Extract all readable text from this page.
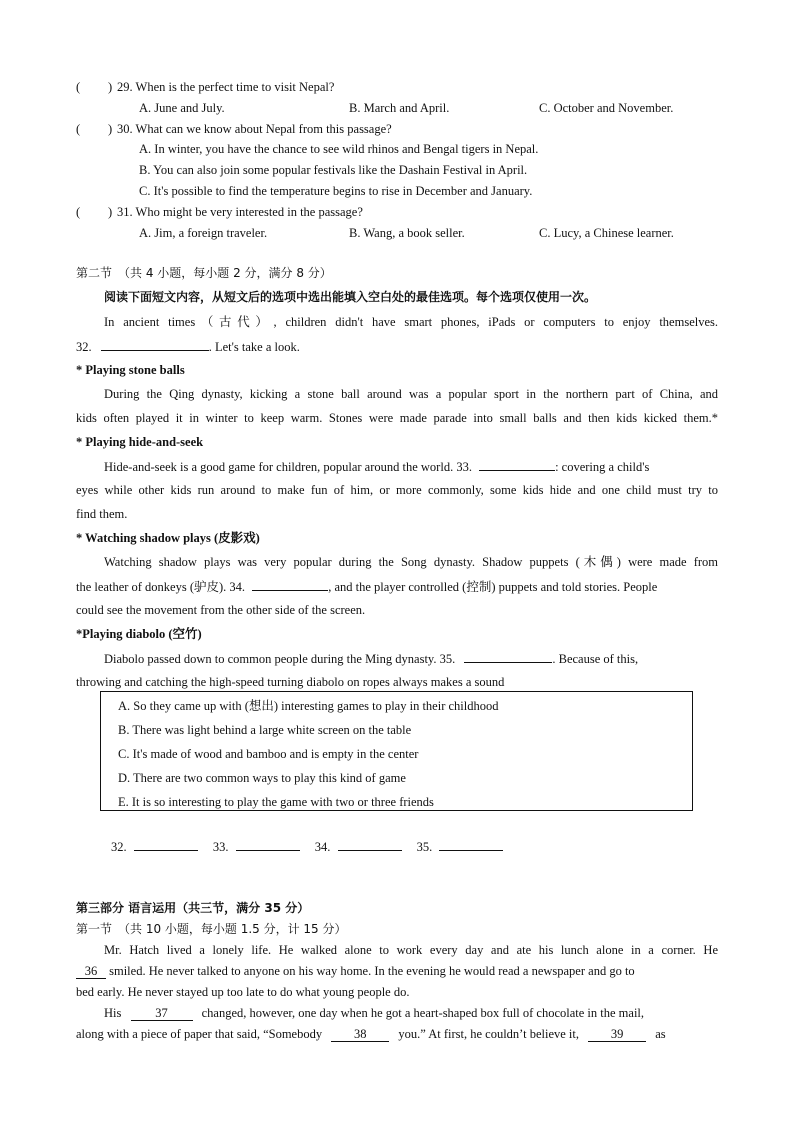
( ) 29. When is the perfect time to visit Nepal?
A. June and July.	B. March and April.	C. October and November.
( ) 30. What can we know about Nepal from this passage?
A. In winter, you have the chance to see wild rhinos and Bengal tigers in Nepal.
B. You can also join some popular festivals like the Dashain Festival in April.
C. It's possible to find the temperature begins to rise in December and January.
( ) 31. Who might be very interested in the passage?
A. Jim, a foreign traveler.	B. Wang, a book seller.	C. Lucy, a Chinese learner.
第二节　（共 4 小题，每小题 2 分，满分 8 分）
阅读下面短文内容，从短文后的选项中选出能填入空白处的最佳选项。每个选项仅使用一次。
In ancient times（古代）, children didn't have smart phones, iPads or computers to enjoy themselves.
32.	. Let's take a look.
* Playing stone balls
During the Qing dynasty, kicking a stone ball around was a popular sport in the northern part of China, and
kids often played it in winter to keep warm. Stones were made parade into small balls and then kids kicked them.*
* Playing hide-and-seek
Hide-and-seek is a good game for children, popular around the world. 33.	: covering a child's
eyes while other kids run around to make fun of him, or more commonly, some kids hide and one child must try to
find them.
* Watching shadow plays (皮影戏)
Watching shadow plays was very popular during the Song dynasty. Shadow puppets (木偶) were made from
the leather of donkeys (驴皮). 34.	, and the player controlled (控制) puppets and told stories. People
could see the movement from the other side of the screen.
*Playing diabolo (空竹)
Diabolo passed down to common people during the Ming dynasty. 35.	. Because of this,
throwing and catching the high-speed turning diabolo on ropes always makes a sound
A. So they came up with (想出) interesting games to play in their childhood
B. There was light behind a large white screen on the table
C. It's made of wood and bamboo and is empty in the center
D. There are two common ways to play this kind of game
E. It is so interesting to play the game with two or three friends
32.	33.	34.	35.
第三部分 语言运用（共三节，满分 35 分）
第一节　（共 10 小题，每小题 1.5 分，计 15 分）
Mr. Hatch lived a lonely life. He walked alone to work every day and ate his lunch alone in a corner. He
36 smiled. He never talked to anyone on his way home. In the evening he would read a newspaper and go to
bed early. He never stayed up too late to do what young people do.
His	37	changed, however, one day when he got a heart-shaped box full of chocolate in the mail,
along with a piece of paper that said, “Somebody	38	you.” At first, he couldn’t believe it,	39	as
